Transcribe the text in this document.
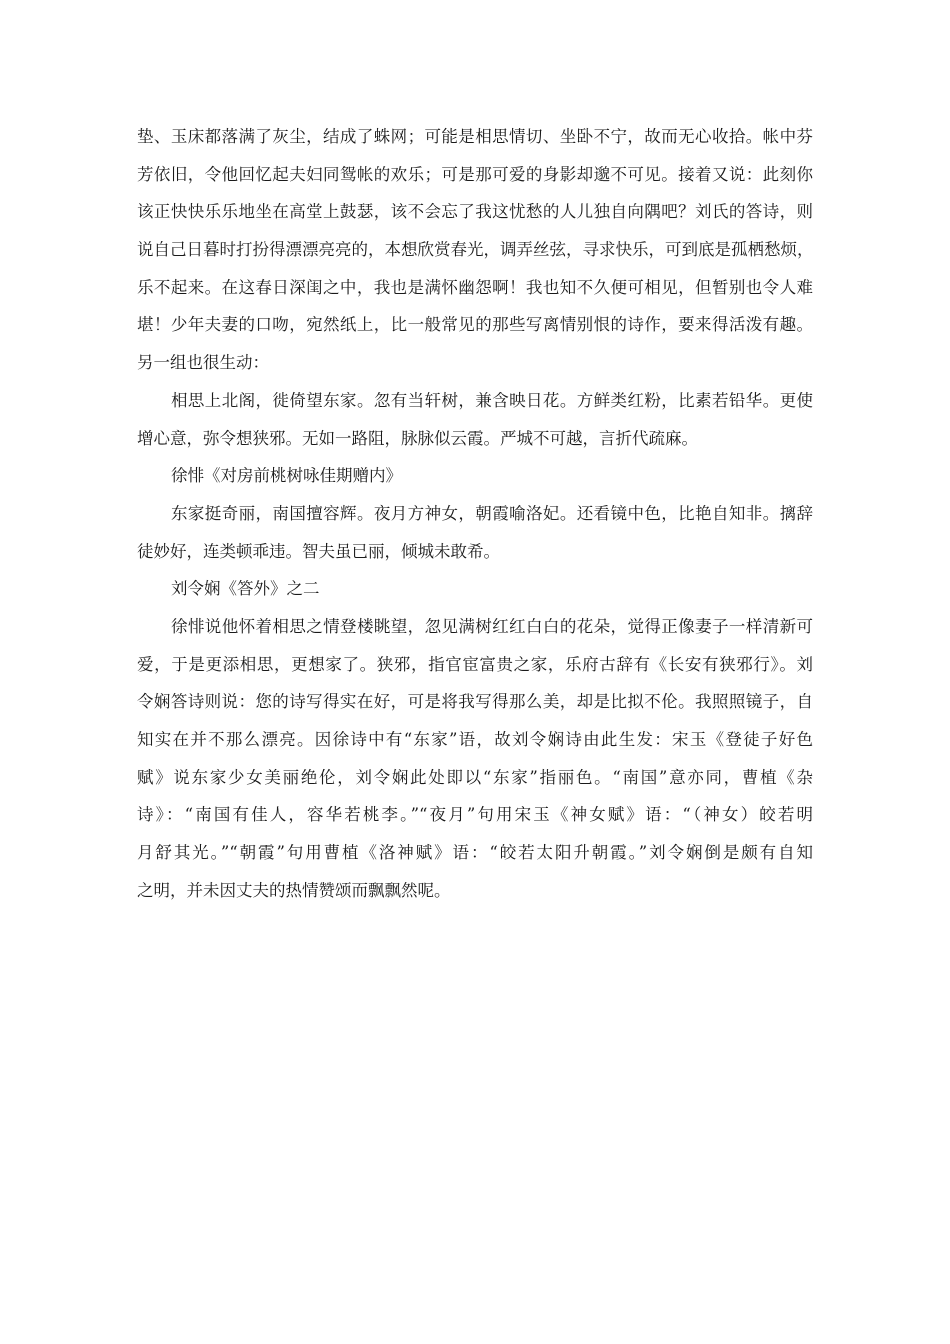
垫、玉床都落满了灰尘，结成了蛛网；可能是相思情切、坐卧不宁，故而无心收拾。帐中芬
芳依旧，令他回忆起夫妇同鸳帐的欢乐；可是那可爱的身影却邈不可见。接着又说：此刻你
该正快快乐乐地坐在高堂上鼓瑟，该不会忘了我这忧愁的人儿独自向隅吧？刘氏的答诗，则
说自己日暮时打扮得漂漂亮亮的，本想欣赏春光，调弄丝弦，寻求快乐，可到底是孤栖愁烦，
乐不起来。在这春日深闺之中，我也是满怀幽怨啊！我也知不久便可相见，但暂别也令人难
堪！少年夫妻的口吻，宛然纸上，比一般常见的那些写离情别恨的诗作，要来得活泼有趣。
另一组也很生动：
相思上北阁，徙倚望东家。忽有当轩树，兼含映日花。方鲜类红粉，比素若铅华。更使
增心意，弥令想狭邪。无如一路阻，脉脉似云霞。严城不可越，言折代疏麻。
徐悱《对房前桃树咏佳期赠内》
东家挺奇丽，南国擅容辉。夜月方神女，朝霞喻洛妃。还看镜中色，比艳自知非。摛辞
徒妙好，连类顿乖违。智夫虽已丽，倾城未敢希。
刘令娴《答外》之二
徐悱说他怀着相思之情登楼眺望，忽见满树红红白白的花朵，觉得正像妻子一样清新可
爱，于是更添相思，更想家了。狭邪，指官宦富贵之家，乐府古辞有《长安有狭邪行》。刘
令娴答诗则说：您的诗写得实在好，可是将我写得那么美，却是比拟不伦。我照照镜子，自
知实在并不那么漂亮。因徐诗中有“东家”语，故刘令娴诗由此生发：宋玉《登徒子好色
赋》说东家少女美丽绝伦，刘令娴此处即以“东家”指丽色。“南国”意亦同，曹植《杂
诗》：“南国有佳人，容华若桃李。”“夜月”句用宋玉《神女赋》语：“（神女）皎若明
月舒其光。”“朝霞”句用曹植《洛神赋》语：“皎若太阳升朝霞。”刘令娴倒是颇有自知
之明，并未因丈夫的热情赞颂而飘飘然呢。
